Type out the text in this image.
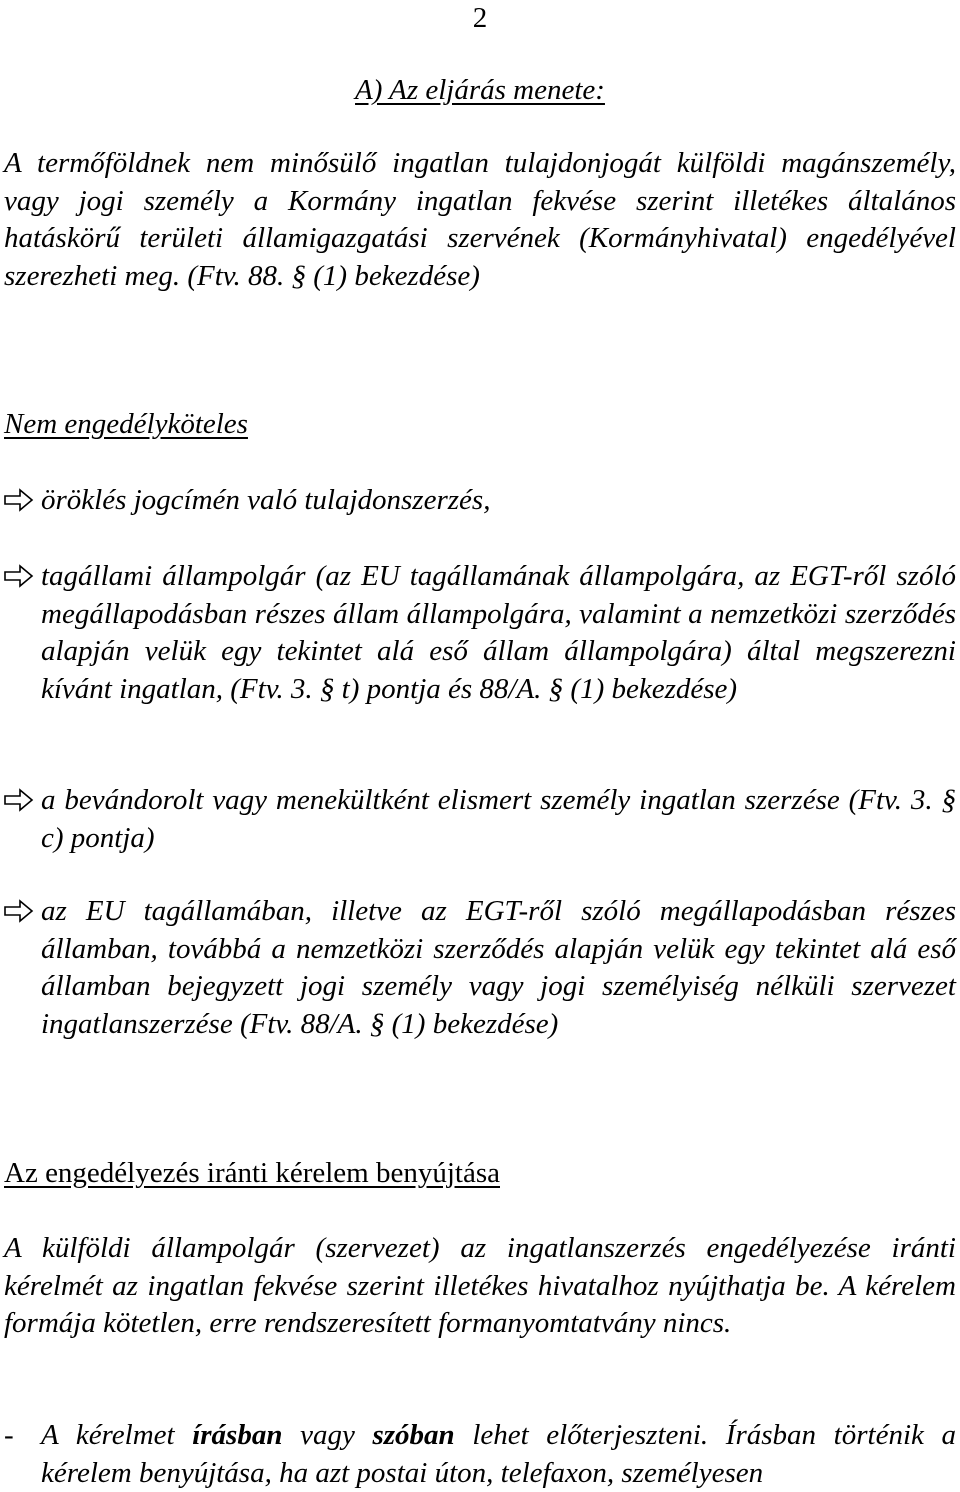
2
A) Az eljárás menete:

A termőföldnek nem minősülő ingatlan tulajdonjogát külföldi magánszemély, vagy jogi személy a Kormány ingatlan fekvése szerint illetékes általános hatáskörű területi államigazgatási szervének (Kormányhivatal) engedélyével szerezheti meg. (Ftv. 88. § (1) bekezdése)

Nem engedélyköteles
öröklés jogcímén való tulajdonszerzés,
tagállami állampolgár (az EU tagállamának állampolgára, az EGT-ről szóló megállapodásban részes állam állampolgára, valamint a nemzetközi szerződés alapján velük egy tekintet alá eső állam állampolgára) által megszerezni kívánt ingatlan, (Ftv. 3. § t) pontja és 88/A. § (1) bekezdése)
a bevándorolt vagy menekültként elismert személy ingatlan szerzése (Ftv. 3. § c) pontja)
az EU tagállamában, illetve az EGT-ről szóló megállapodásban részes államban, továbbá a nemzetközi szerződés alapján velük egy tekintet alá eső államban bejegyzett jogi személy vagy jogi személyiség nélküli szervezet ingatlanszerzése (Ftv. 88/A. § (1) bekezdése)
Az engedélyezés iránti kérelem benyújtása

A külföldi állampolgár (szervezet) az ingatlanszerzés engedélyezése iránti kérelmét az ingatlan fekvése szerint illetékes hivatalhoz nyújthatja be. A kérelem formája kötetlen, erre rendszeresített formanyomtatvány nincs.

- A kérelmet írásban vagy szóban lehet előterjeszteni. Írásban történik a kérelem benyújtása, ha azt postai úton, telefaxon, személyesen
